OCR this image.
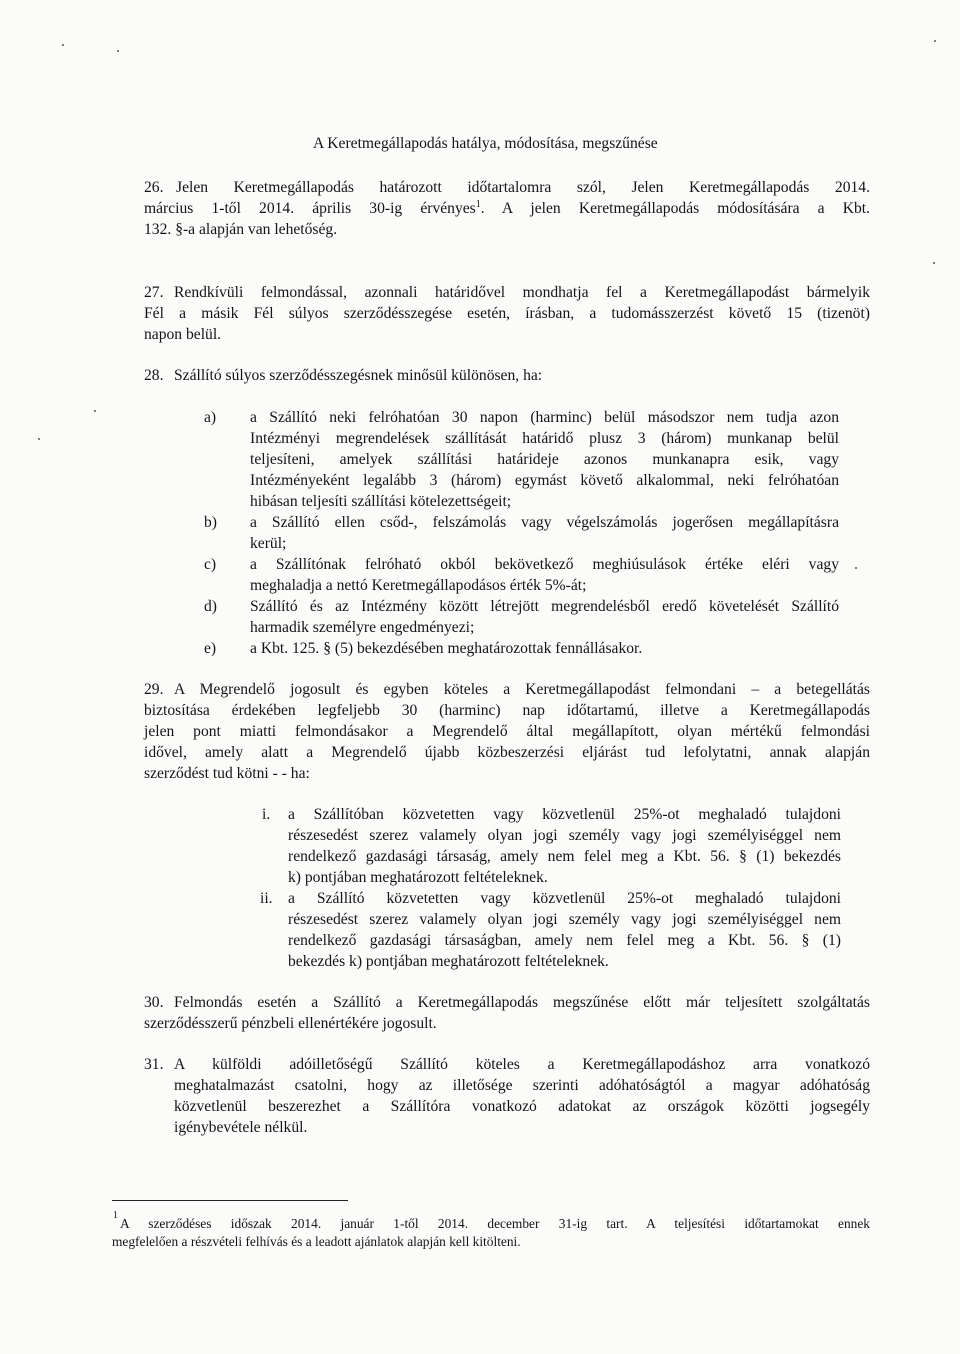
A Keretmegállapodás hatálya, módosítása, megszűnése
26. Jelen Keretmegállapodás határozott időtartalomra szól, Jelen Keretmegállapodás 2014.
március 1-től 2014. április 30-ig érvényes$^1$. A jelen Keretmegállapodás módosítására a Kbt.
132. §-a alapján van lehetőség.
27. Rendkívüli felmondással, azonnali határidővel mondhatja fel a Keretmegállapodást bármelyik
Fél a másik Fél súlyos szerződésszegése esetén, írásban, a tudomásszerzést követő 15 (tizenöt)
napon belül.
28. Szállító súlyos szerződésszegésnek minősül különösen, ha:
a) a Szállító neki felróhatóan 30 napon (harminc) belül másodszor nem tudja azon
Intézményi megrendelések szállítását határidő plusz 3 (három) munkanap belül
teljesíteni, amelyek szállítási határideje azonos munkanapra esik, vagy
Intézményeként legalább 3 (három) egymást követő alkalommal, neki felróhatóan
hibásan teljesíti szállítási kötelezettségeit;
b) a Szállító ellen csőd-, felszámolás vagy végelszámolás jogerősen megállapításra
kerül;
c) a Szállítónak felróható okból bekövetkező meghiúsulások értéke eléri vagy
meghaladja a nettó Keretmegállapodásos érték 5%-át;
d) Szállító és az Intézmény között létrejött megrendelésből eredő követelését Szállító
harmadik személyre engedményezi;
e) a Kbt. 125. § (5) bekezdésében meghatározottak fennállásakor.
29. A Megrendelő jogosult és egyben köteles a Keretmegállapodást felmondani – a betegellátás
biztosítása érdekében legfeljebb 30 (harminc) nap időtartamú, illetve a Keretmegállapodás
jelen pont miatti felmondásakor a Megrendelő által megállapított, olyan mértékű felmondási
idővel, amely alatt a Megrendelő újabb közbeszerzési eljárást tud lefolytatni, annak alapján
szerződést tud kötni - - ha:
i. a Szállítóban közvetetten vagy közvetlenül 25%-ot meghaladó tulajdoni
részesedést szerez valamely olyan jogi személy vagy jogi személyiséggel nem
rendelkező gazdasági társaság, amely nem felel meg a Kbt. 56. § (1) bekezdés
k) pontjában meghatározott feltételeknek.
ii. a Szállító közvetetten vagy közvetlenül 25%-ot meghaladó tulajdoni
részesedést szerez valamely olyan jogi személy vagy jogi személyiséggel nem
rendelkező gazdasági társaságban, amely nem felel meg a Kbt. 56. § (1)
bekezdés k) pontjában meghatározott feltételeknek.
30. Felmondás esetén a Szállító a Keretmegállapodás megszűnése előtt már teljesített szolgáltatás
szerződésszerű pénzbeli ellenértékére jogosult.
31. A külföldi adóilletőségű Szállító köteles a Keretmegállapodáshoz arra vonatkozó
meghatalmazást csatolni, hogy az illetősége szerinti adóhatóságtól a magyar adóhatóság
közvetlenül beszerezhet a Szállítóra vonatkozó adatokat az országok közötti jogsegély
igénybevétele nélkül.
1
A szerződéses időszak 2014. január 1-től 2014. december 31-ig tart. A teljesítési időtartamokat ennek
megfelelően a részvételi felhívás és a leadott ajánlatok alapján kell kitölteni.
